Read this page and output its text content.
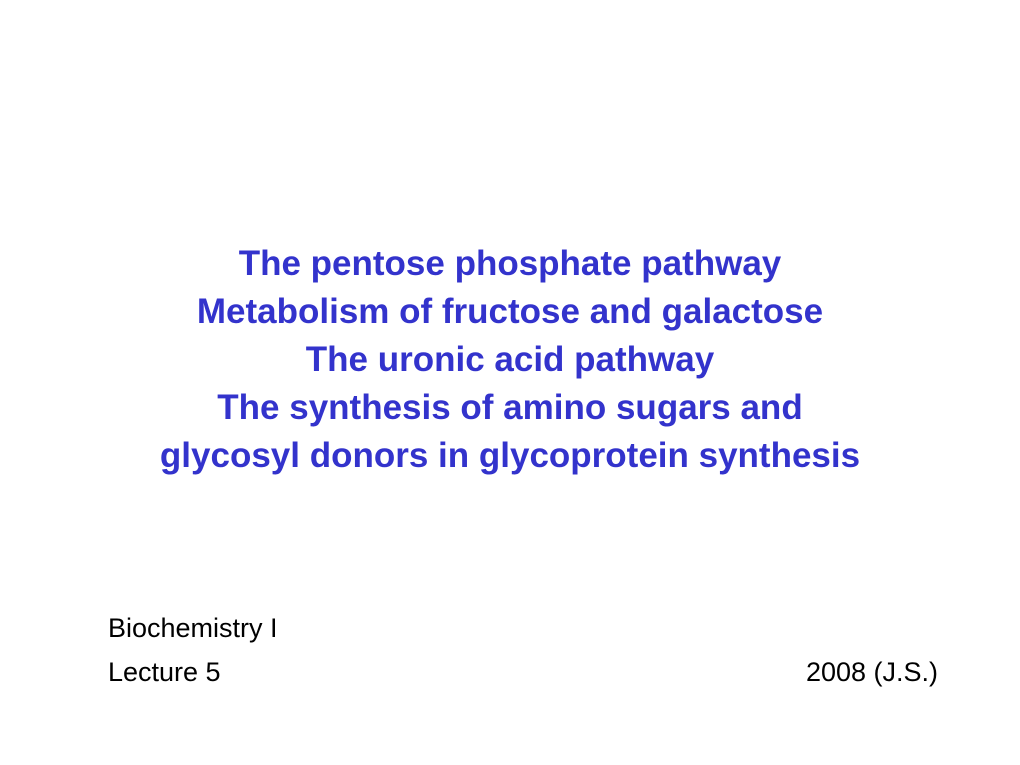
The pentose phosphate pathway
Metabolism of fructose and galactose
The uronic acid pathway
The synthesis of amino sugars and
glycosyl donors in glycoprotein synthesis
Biochemistry I
Lecture 5	2008 (J.S.)
